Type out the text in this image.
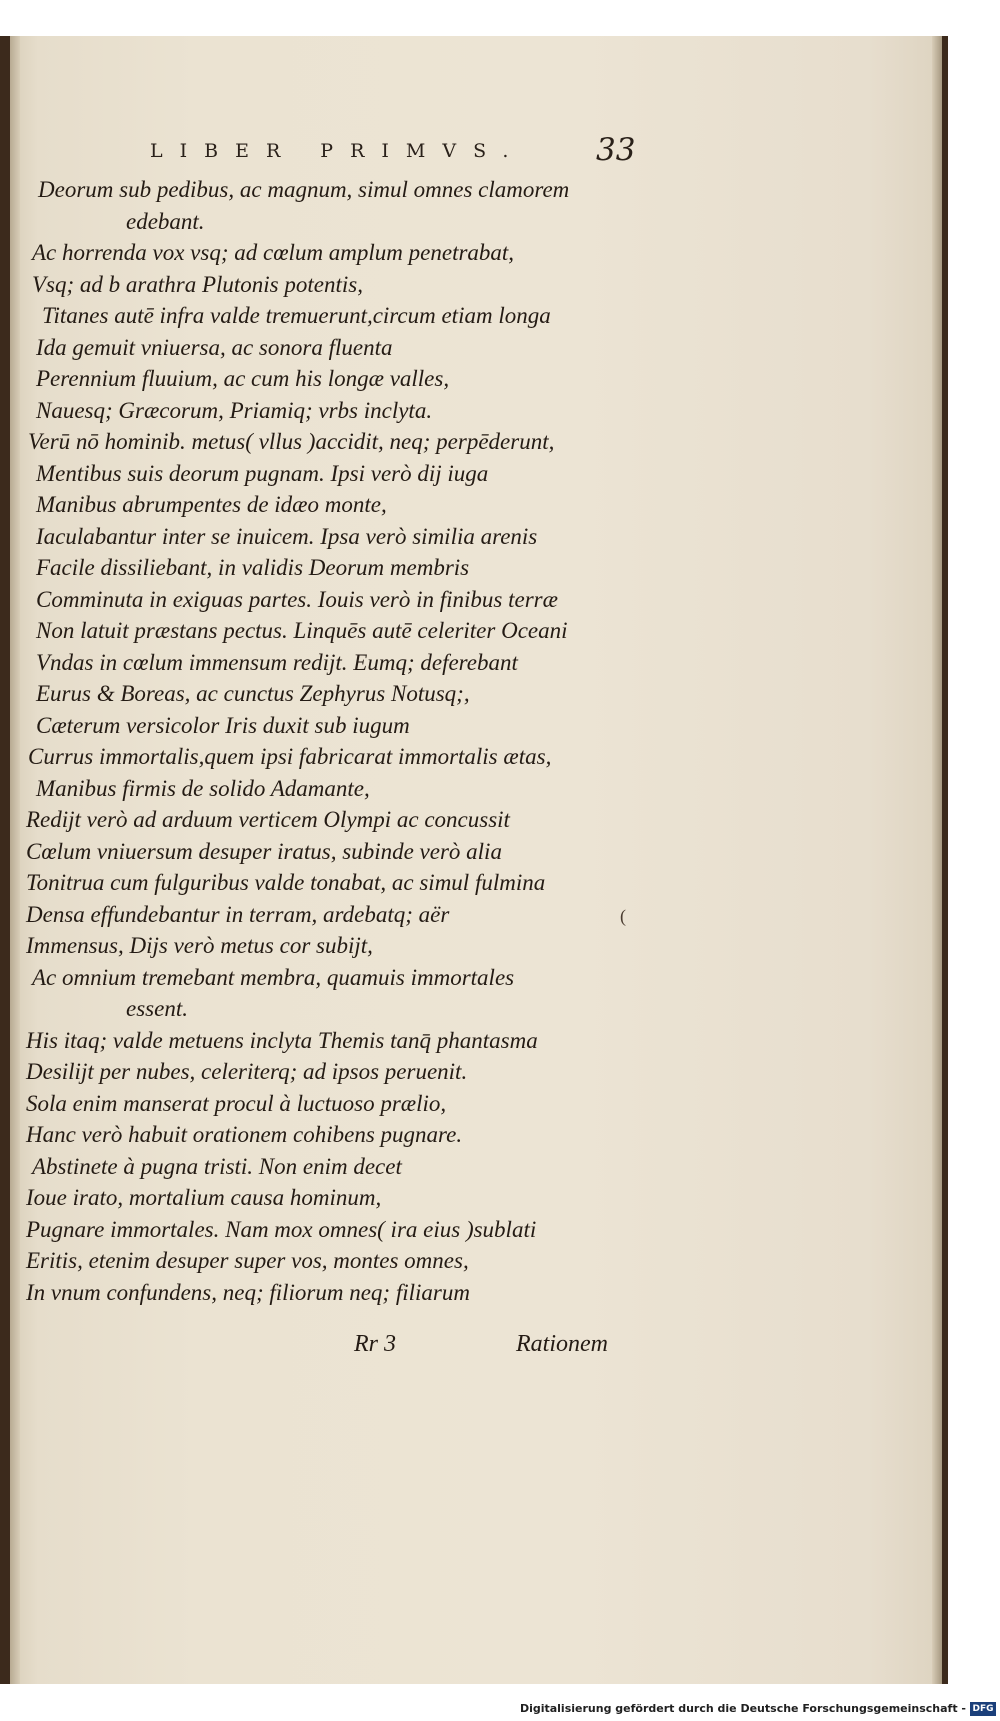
LIBER PRIMVS. 33
Deorum sub pedibus, ac magnum, simul omnes clamorem
edebant.
Ac horrenda vox vsq; ad cœlum amplum penetrabat,
Vsq; ad b arathra Plutonis potentis,
Titanes autē infra valde tremuerunt,circum etiam longa
Ida gemuit vniuersa, ac sonora fluenta
Perennium fluuium, ac cum his longæ valles,
Nauesq; Græcorum, Priamiq; vrbs inclyta.
Verū nō hominib. metus( vllus )accidit, neq; perpēderunt,
Mentibus suis deorum pugnam. Ipsi verò dij iuga
Manibus abrumpentes de idæo monte,
Iaculabantur inter se inuicem. Ipsa verò similia arenis
Facile dissiliebant, in validis Deorum membris
Comminuta in exiguas partes. Iouis verò in finibus terræ
Non latuit præstans pectus. Linquēs autē celeriter Oceani
Vndas in cœlum immensum redijt. Eumq; deferebant
Eurus & Boreas, ac cunctus Zephyrus Notusq;,
Cæterum versicolor Iris duxit sub iugum
Currus immortalis,quem ipsi fabricarat immortalis ætas,
Manibus firmis de solido Adamante,
Redijt verò ad arduum verticem Olympi ac concussit
Cœlum vniuersum desuper iratus, subinde verò alia
Tonitrua cum fulguribus valde tonabat, ac simul fulmina
Densa effundebantur in terram, ardebatq; aër
Immensus, Dijs verò metus cor subijt,
Ac omnium tremebant membra, quamuis immortales
essent.
His itaq; valde metuens inclyta Themis tanq̄ phantasma
Desilijt per nubes, celeriterq; ad ipsos peruenit.
Sola enim manserat procul à luctuoso prælio,
Hanc verò habuit orationem cohibens pugnare.
Abstinete à pugna tristi. Non enim decet
Ioue irato, mortalium causa hominum,
Pugnare immortales. Nam mox omnes( ira eius )sublati
Eritis, etenim desuper super vos, montes omnes,
In vnum confundens, neq; filiorum neq; filiarum
(
Rr 3	Rationem
Digitalisierung gefördert durch die Deutsche Forschungsgemeinschaft - DFG
